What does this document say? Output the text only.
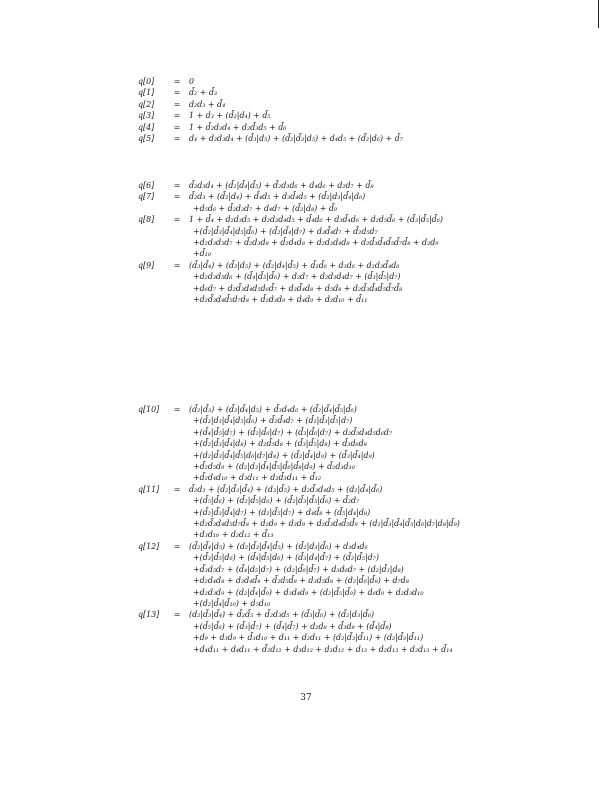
q[0]	=	0
q[1]	=	d̄₂ + d̄₃
q[2]	=	d₂d₃ + d̄₄
q[3]	=	1 + d₃ + (d̄₂|d₄) + d̄₅
q[4]	=	1 + d̄₂d₃d₄ + d₂d̄₃d₅ + d̄₆
q[5]	=	d₄ + d₂d₃d₄ + (d̄₃|d₅) + (d̄₂|d̄₃|d₅) + d₄d₅ + (d̄₂|d₆) + d̄₇
q[6]	=	d̄₂d₃d₄ + (d̄₂|d̄₄|d̄₅) + d̄₂d₃d₆ + d₄d₆ + d₂d₇ + d̄₈
q[7]	=	d̄₂d₃ + (d̄₂|d₄) + d̄₄d₅ + d₃d̄₄d₅ + (d̄₂|d₃|d̄₄|d₆)
+d₅d₆ + d̄₂d₃d₇ + d₄d₇ + (d̄₂|d₈) + d̄₉
q[8]	=	1 + d̄₄ + d₂d₃d₅ + d₂d₃d₄d₅ + d̄₄d₆ + d₃d̄₄d₆ + d₂d₅d̄₆ + (d̄₃|d̄₅|d̄₆)
+(d̄₂|d̄₃|d̄₄|d₅|d̄₆) + (d̄₂|d̄₄|d₇) + d₃d̄₄d₇ + d̄₂d₅d₇
+d₂d₃d₅d₇ + d̄₂d₃d₈ + d̄₂d₄d₈ + d₂d₃d₄d₈ + d₂d̄₃d̄₄d̄₅d̄₇d̄₈ + d₂d₉
+d̄₁₀
q[9]	=	(d̄₃|d̄₄) + (d̄₃|d₅) + (d̄₂|d₄|d̄₅) + d̄₂d̄₆ + d₃d₆ + d₂d₃d̄₄d₆
+d₂d₃d₅d₆ + (d̄₄|d̄₅|d̄₆) + d₂d₇ + d₂d₃d₄d₇ + (d̄₃|d̄₅|d₇)
+d₆d₇ + d₂d̄₃d₄d₅d₆d̄₇ + d₃d̄₄d₈ + d₅d₈ + d₂d̄₃d̄₄d̄₅d̄₇d̄₈
+d₂d̄₃d₄d̄₅d₇d₈ + d̄₂d₃d₉ + d₄d₉ + d₂d₁₀ + d̄₁₁
q[10]	=	(d̄₂|d̄₃) + (d̄₃|d̄₄|d₅) + d̄₃d₄d₆ + (d̄₂|d̄₄|d̄₅|d̄₆)
+(d̄₂|d₃|d̄₄|d₅|d̄₆) + d̄₂d̄₄d₇ + (d̄₂|d̄₃|d̄₅|d₇)
+(d̄₄|d̄₅|d₇) + (d̄₂|d̄₆|d₇) + (d̄₃|d̄₆|d₇) + d₂d̄₃d₄d₅d₆d₇
+(d̄₂|d̄₃|d̄₄|d₈) + d₂d̄₅d₈ + (d̄₃|d̄₅|d₈) + d̄₃d₆d₈
+(d₂|d̄₃|d̄₄|d̄₅|d₆|d₇|d₈) + (d̄₂|d̄₄|d₉) + (d̄₃|d̄₄|d₉)
+d̄₂d₅d₉ + (d₂|d₃|d̄₄|d̄₅|d̄₆|d̄₈|d₉) + d̄₂d₃d₁₀
+d̄₂d₄d₁₀ + d₃d₁₁ + d₂d̄₃d₁₁ + d̄₁₂
q[11]	=	d̄₂d₃ + (d̄₂|d̄₃|d̄₄) + (d₃|d̄₅) + d₂d̄₃d₄d₅ + (d₂|d̄₄|d̄₆)
+(d̄₅|d̄₆) + (d̄₂|d̄₅|d₆) + (d̄₂|d̄₃|d̄₅|d̄₆) + d̄₂d₇
+(d̄₂|d̄₃|d̄₄|d₇) + (d₂|d̄₅|d₇) + d₄d̄₈ + (d̄₅|d₄|d₈)
+d₂d̄₃d₄d₅d₇d̄₈ + d₂d₉ + d₃d₉ + d₂d̄₃d₄d̄₅d̄₉ + (d₂|d̄₃|d̄₄|d̄₅|d₆|d₇|d₈|d̄₉)
+d₃d₁₀ + d₂d₁₂ + d̄₁₃
q[12]	=	(d̄₂|d̄₄|d₅) + (d₂|d̄₃|d̄₄|d̄₅) + (d̄₂|d₃|d̄₆) + d₃d₄d₆
+(d̄₃|d̄₅|d₆) + (d̄₄|d̄₅|d₆) + (d̄₃|d₄|d̄₇) + (d̄₂|d̄₅|d₇)
+d̄₃d₅d₇ + (d̄₄|d₅|d₇) + (d₂|d̄₆|d̄₇) + d₃d₆d₇ + (d₂|d̄₃|d₈)
+d₂d₄d₈ + d₃d₄d̄₈ + d̄₂d₅d̄₈ + d₃d₅d₈ + (d₂|d̄₆|d̄₈) + d₇d₈
+d₂d₃d₉ + (d₂|d̄₄|d̄₉) + d₃d₄d₉ + (d₂|d̄₅|d̄₉) + d₆d₉ + d₂d₃d₁₀
+(d₂|d̄₄|d̄₁₀) + d₅d₁₀
q[13]	=	(d₂|d̄₃|d̄₄) + d̄₂d̄₅ + d̄₂d₃d₅ + (d̄₃|d̄₆) + (d̄₂|d₃|d̄₆)
+(d̄₅|d̄₆) + (d̄₃|d̄₇) + (d̄₄|d̄₇) + d₂d₈ + d̄₃d₈ + (d̄₄|d̄₈)
+d₉ + d₃d₉ + d̄₃d₁₀ + d₁₁ + d₂d₁₁ + (d₂|d̄₃|d̄₁₁) + (d₂|d̄₃|d̄₁₁)
+d₄d₁₁ + d₄d₁₁ + d̄₂d₁₂ + d₃d₁₂ + d₃d₁₂ + d₁₃ + d₂d₁₃ + d₂d₁₃ + d̄₁₄
37
